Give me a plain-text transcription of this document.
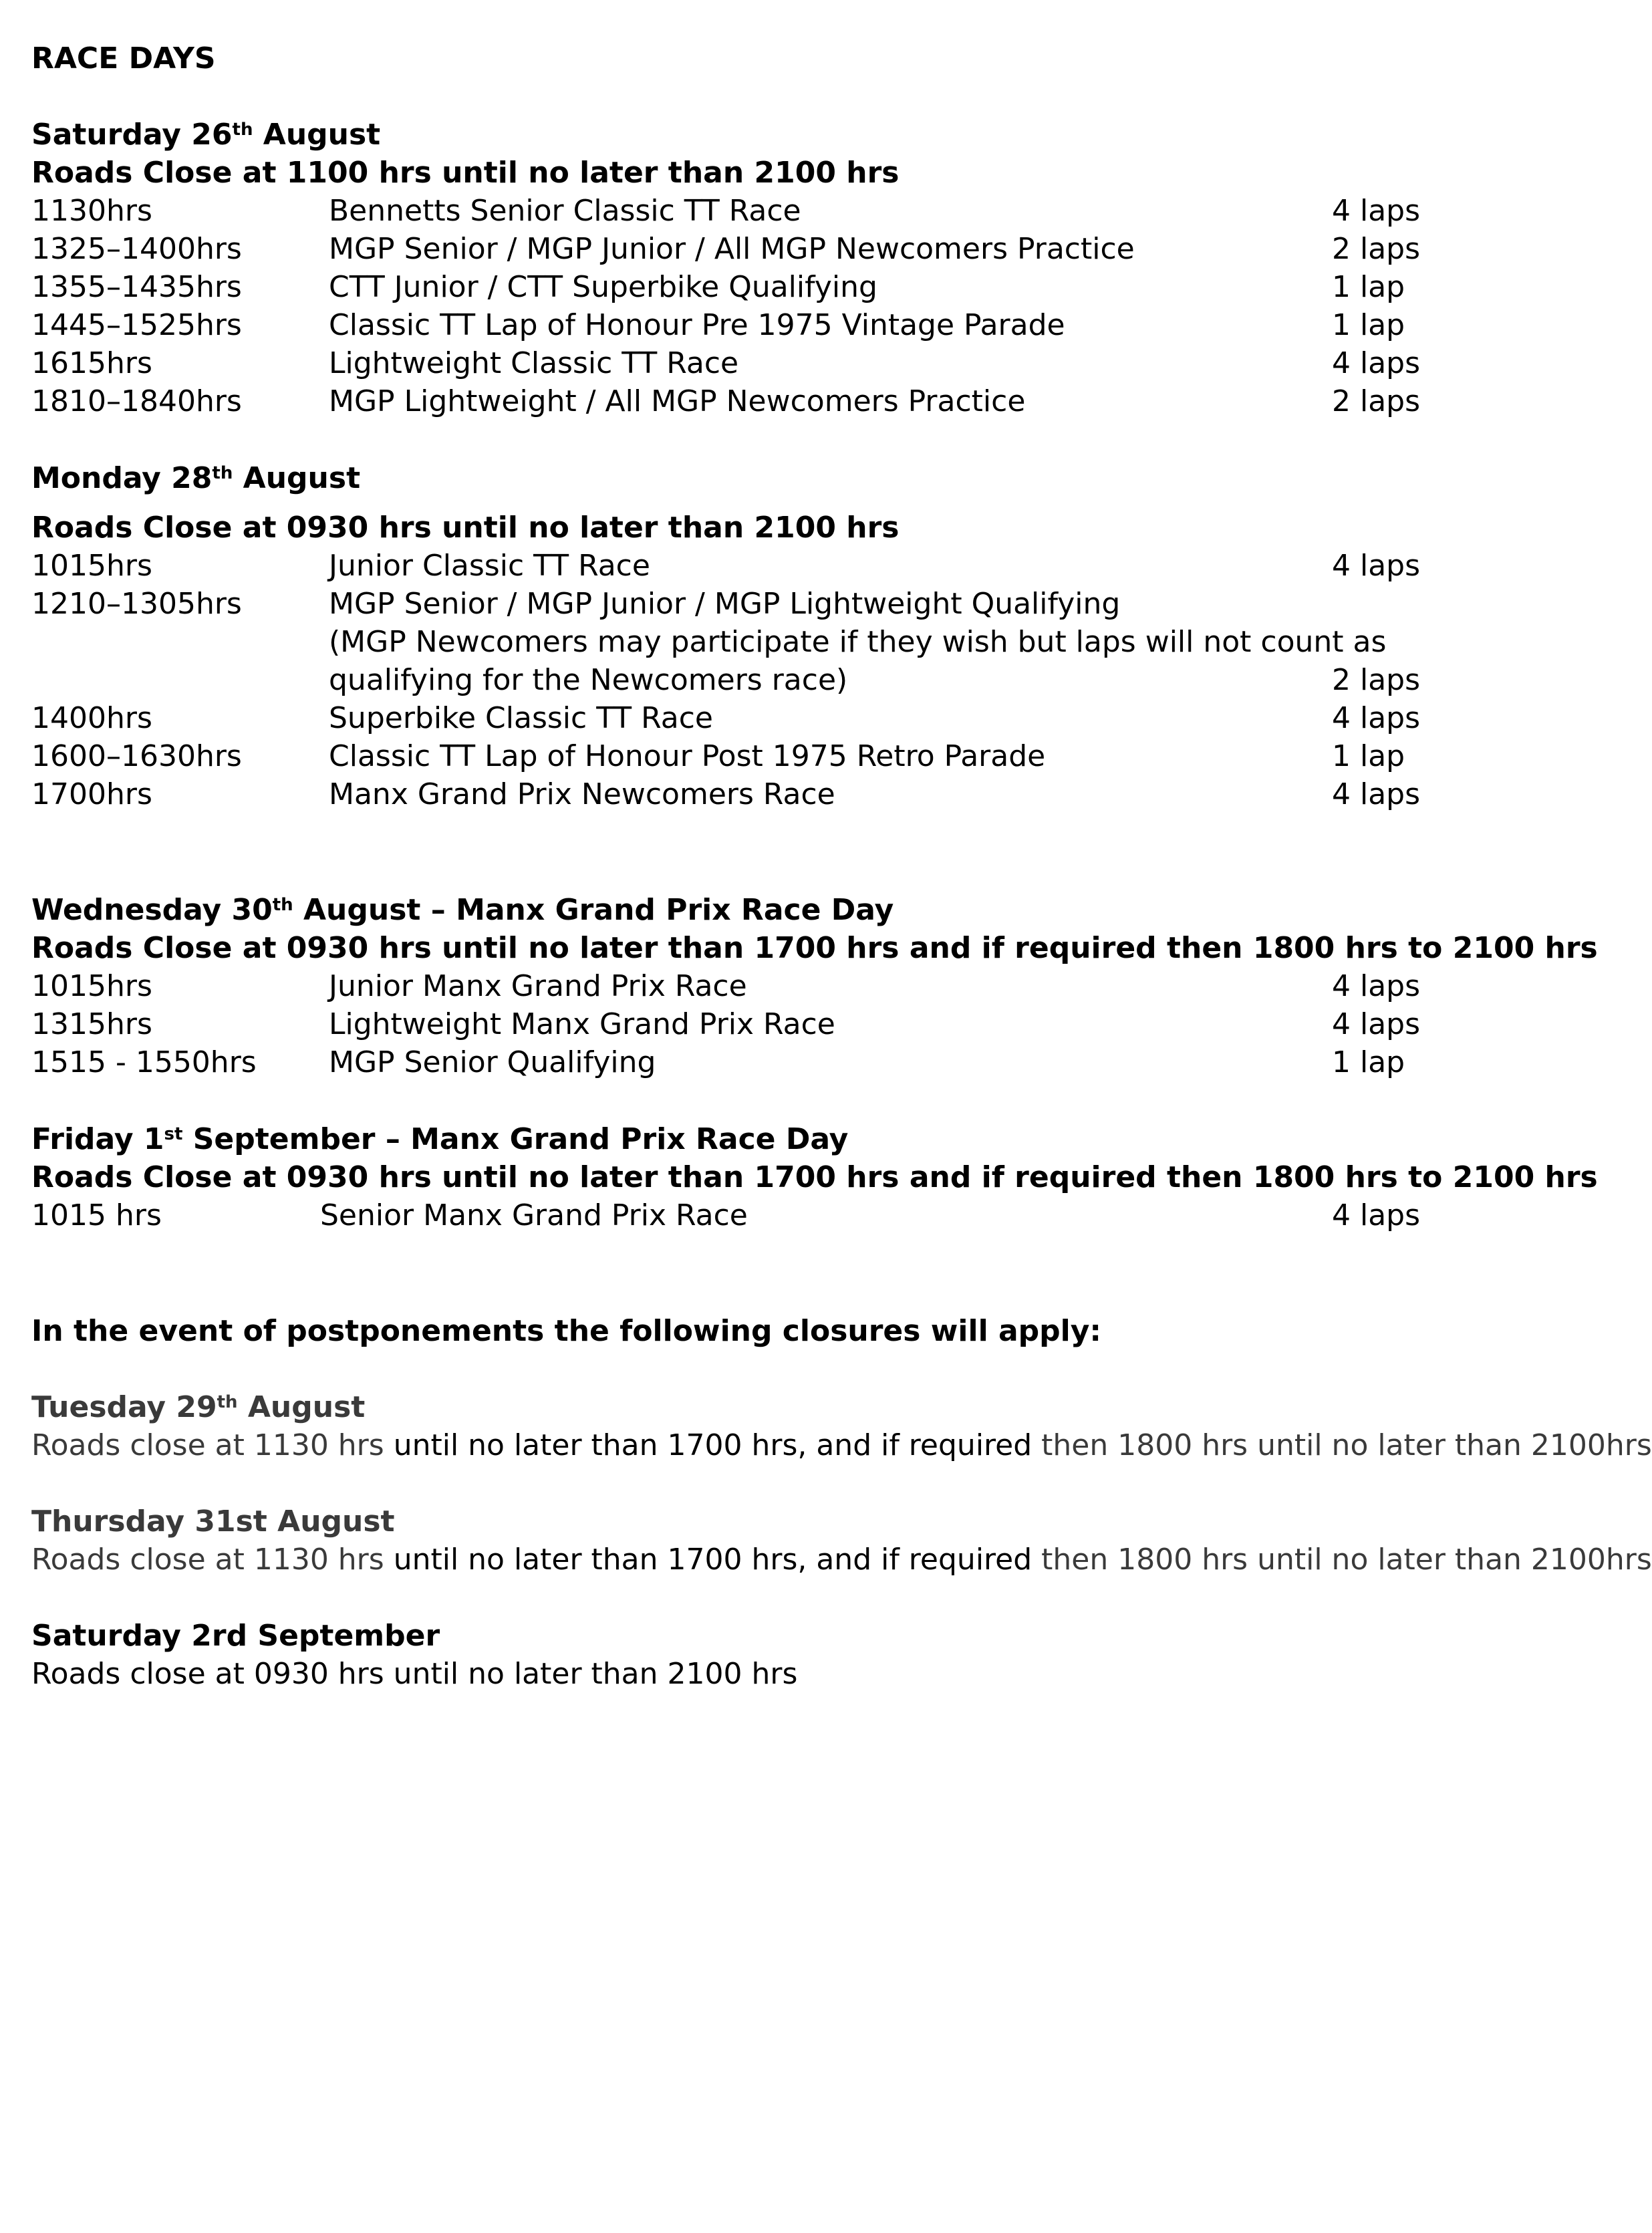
RACE DAYS
Saturday 26th August
Roads Close at 1100 hrs until no later than 2100 hrs
1130hrs	Bennetts Senior Classic TT Race	4 laps
1325–1400hrs	MGP Senior / MGP Junior / All MGP Newcomers Practice	2 laps
1355–1435hrs	CTT Junior / CTT Superbike Qualifying	1 lap
1445–1525hrs	Classic TT Lap of Honour Pre 1975 Vintage Parade	1 lap
1615hrs	Lightweight Classic TT Race	4 laps
1810–1840hrs	MGP Lightweight / All MGP Newcomers Practice	2 laps
Monday 28th August
Roads Close at 0930 hrs until no later than 2100 hrs
1015hrs	Junior Classic TT Race	4 laps
1210–1305hrs	MGP Senior / MGP Junior / MGP Lightweight Qualifying
(MGP Newcomers may participate if they wish but laps will not count as
qualifying for the Newcomers race)	2 laps
1400hrs	Superbike Classic TT Race	4 laps
1600–1630hrs	Classic TT Lap of Honour Post 1975 Retro Parade	1 lap
1700hrs	Manx Grand Prix Newcomers Race	4 laps
Wednesday 30th August – Manx Grand Prix Race Day
Roads Close at 0930 hrs until no later than 1700 hrs and if required then 1800 hrs to 2100 hrs
1015hrs	Junior Manx Grand Prix Race	4 laps
1315hrs	Lightweight Manx Grand Prix Race	4 laps
1515 - 1550hrs MGP Senior Qualifying	1 lap
Friday 1st September – Manx Grand Prix Race Day
Roads Close at 0930 hrs until no later than 1700 hrs and if required then 1800 hrs to 2100 hrs
1015 hrs	Senior Manx Grand Prix Race	4 laps
In the event of postponements the following closures will apply:
Tuesday 29th August
Roads close at 1130 hrs until no later than 1700 hrs, and if required then 1800 hrs until no later than 2100hrs
Thursday 31st August
Roads close at 1130 hrs until no later than 1700 hrs, and if required then 1800 hrs until no later than 2100hrs
Saturday 2rd September
Roads close at 0930 hrs until no later than 2100 hrs
